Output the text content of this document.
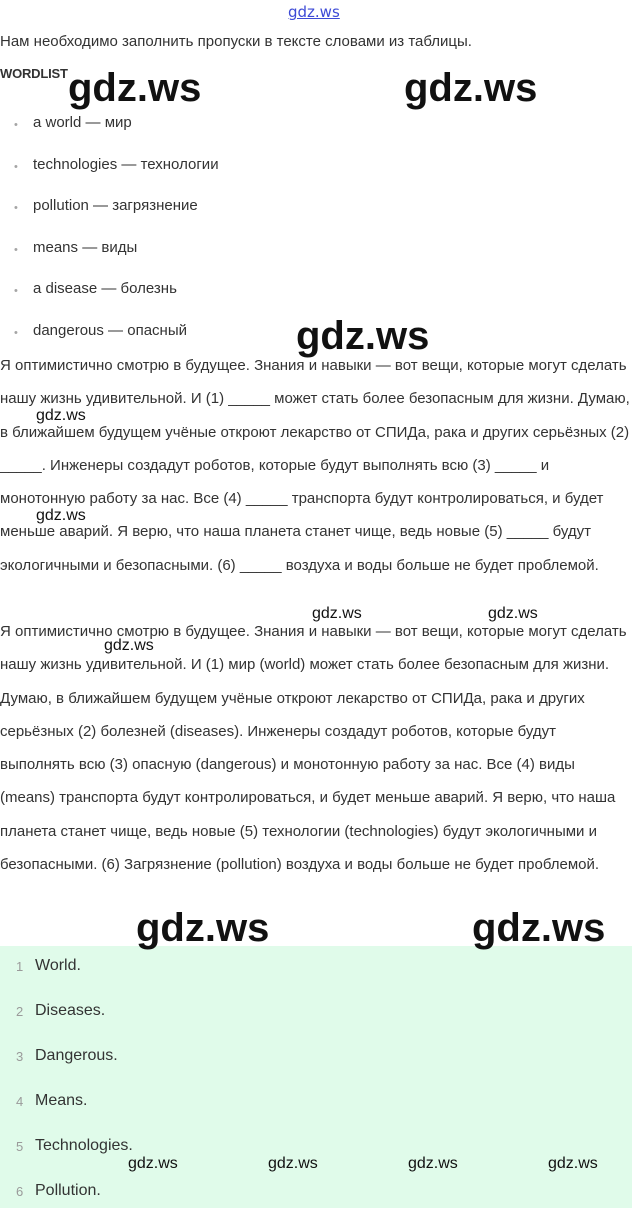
gdz.ws
Нам необходимо заполнить пропуски в тексте словами из таблицы.
WORDLIST
• a world — мир
• technologies — технологии
• pollution — загрязнение
• means — виды
• a disease — болезнь
• dangerous — опасный

Я оптимистично смотрю в будущее. Знания и навыки — вот вещи, которые могут сделать нашу жизнь удивительной. И (1) _____ может стать более безопасным для жизни. Думаю, в ближайшем будущем учёные откроют лекарство от СПИДа, рака и других серьёзных (2) _____. Инженеры создадут роботов, которые будут выполнять всю (3) _____ и монотонную работу за нас. Все (4) _____ транспорта будут контролироваться, и будет меньше аварий. Я верю, что наша планета станет чище, ведь новые (5) _____ будут экологичными и безопасными. (6) _____ воздуха и воды больше не будет проблемой.

Я оптимистично смотрю в будущее. Знания и навыки — вот вещи, которые могут сделать нашу жизнь удивительной. И (1) мир (world) может стать более безопасным для жизни. Думаю, в ближайшем будущем учёные откроют лекарство от СПИДа, рака и других серьёзных (2) болезней (diseases). Инженеры создадут роботов, которые будут выполнять всю (3) опасную (dangerous) и монотонную работу за нас. Все (4) виды (means) транспорта будут контролироваться, и будет меньше аварий. Я верю, что наша планета станет чище, ведь новые (5) технологии (technologies) будут экологичными и безопасными. (6) Загрязнение (pollution) воздуха и воды больше не будет проблемой.

1 World.
2 Diseases.
3 Dangerous.
4 Means.
5 Technologies.
6 Pollution.
gdz.ws	gdz.ws
gdz.ws
gdz.ws
gdz.ws
gdz.ws	gdz.ws
gdz.ws
gdz.ws	gdz.ws
gdz.ws	gdz.ws	gdz.ws	gdz.ws
